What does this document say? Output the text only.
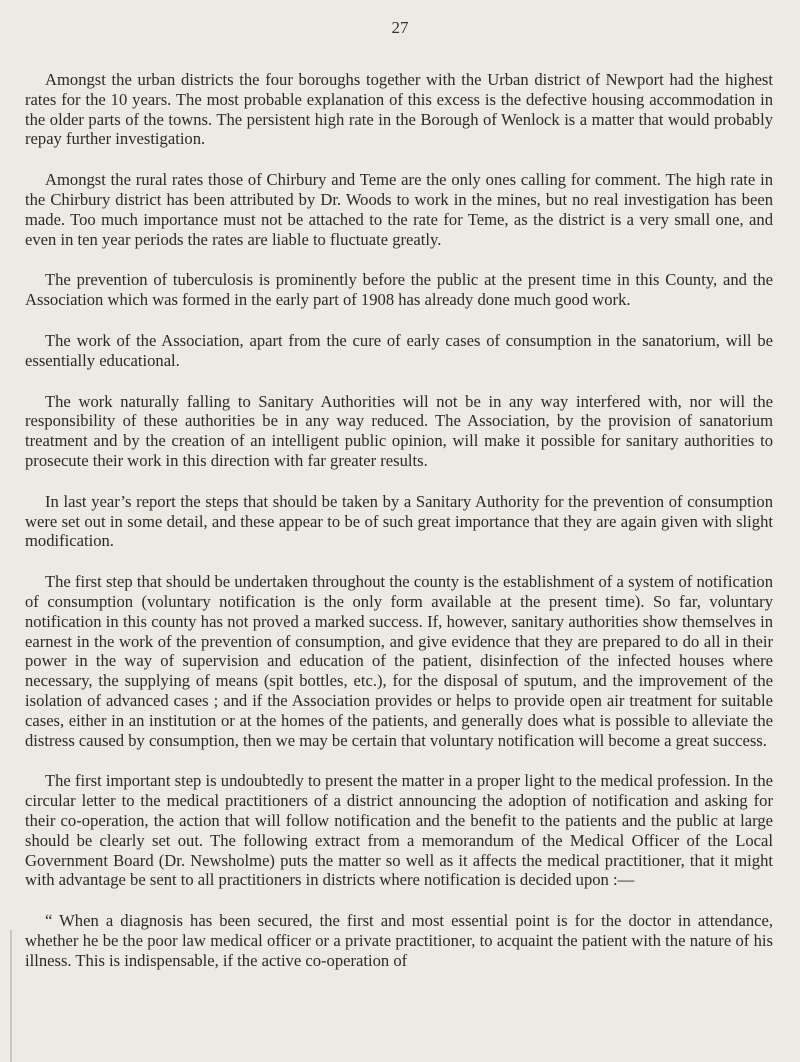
27

Amongst the urban districts the four boroughs together with the Urban district of Newport had the highest rates for the 10 years. The most probable explanation of this excess is the defective housing accommodation in the older parts of the towns. The persistent high rate in the Borough of Wenlock is a matter that would probably repay further investigation.

Amongst the rural rates those of Chirbury and Teme are the only ones calling for comment. The high rate in the Chirbury district has been attributed by Dr. Woods to work in the mines, but no real investigation has been made. Too much importance must not be attached to the rate for Teme, as the district is a very small one, and even in ten year periods the rates are liable to fluctuate greatly.

The prevention of tuberculosis is prominently before the public at the present time in this County, and the Association which was formed in the early part of 1908 has already done much good work.

The work of the Association, apart from the cure of early cases of consumption in the sanatorium, will be essentially educational.

The work naturally falling to Sanitary Authorities will not be in any way interfered with, nor will the responsibility of these authorities be in any way reduced. The Association, by the provision of sanatorium treatment and by the creation of an intelligent public opinion, will make it possible for sanitary authorities to prosecute their work in this direction with far greater results.

In last year’s report the steps that should be taken by a Sanitary Authority for the prevention of consumption were set out in some detail, and these appear to be of such great importance that they are again given with slight modification.

The first step that should be undertaken throughout the county is the establishment of a system of notification of consumption (voluntary notification is the only form available at the present time). So far, voluntary notification in this county has not proved a marked success. If, however, sanitary authorities show themselves in earnest in the work of the prevention of consumption, and give evidence that they are prepared to do all in their power in the way of supervision and education of the patient, disinfection of the infected houses where necessary, the supplying of means (spit bottles, etc.), for the disposal of sputum, and the improvement of the isolation of advanced cases ; and if the Association provides or helps to provide open air treatment for suitable cases, either in an institution or at the homes of the patients, and generally does what is possible to alleviate the distress caused by consumption, then we may be certain that voluntary notification will become a great success.

The first important step is undoubtedly to present the matter in a proper light to the medical profession. In the circular letter to the medical practitioners of a district announcing the adoption of notification and asking for their co-operation, the action that will follow notification and the benefit to the patients and the public at large should be clearly set out. The following extract from a memorandum of the Medical Officer of the Local Government Board (Dr. Newsholme) puts the matter so well as it affects the medical practitioner, that it might with advantage be sent to all practitioners in districts where notification is decided upon :—

“ When a diagnosis has been secured, the first and most essential point is for the doctor in attendance, whether he be the poor law medical officer or a private practitioner, to acquaint the patient with the nature of his illness. This is indispensable, if the active co-operation of
